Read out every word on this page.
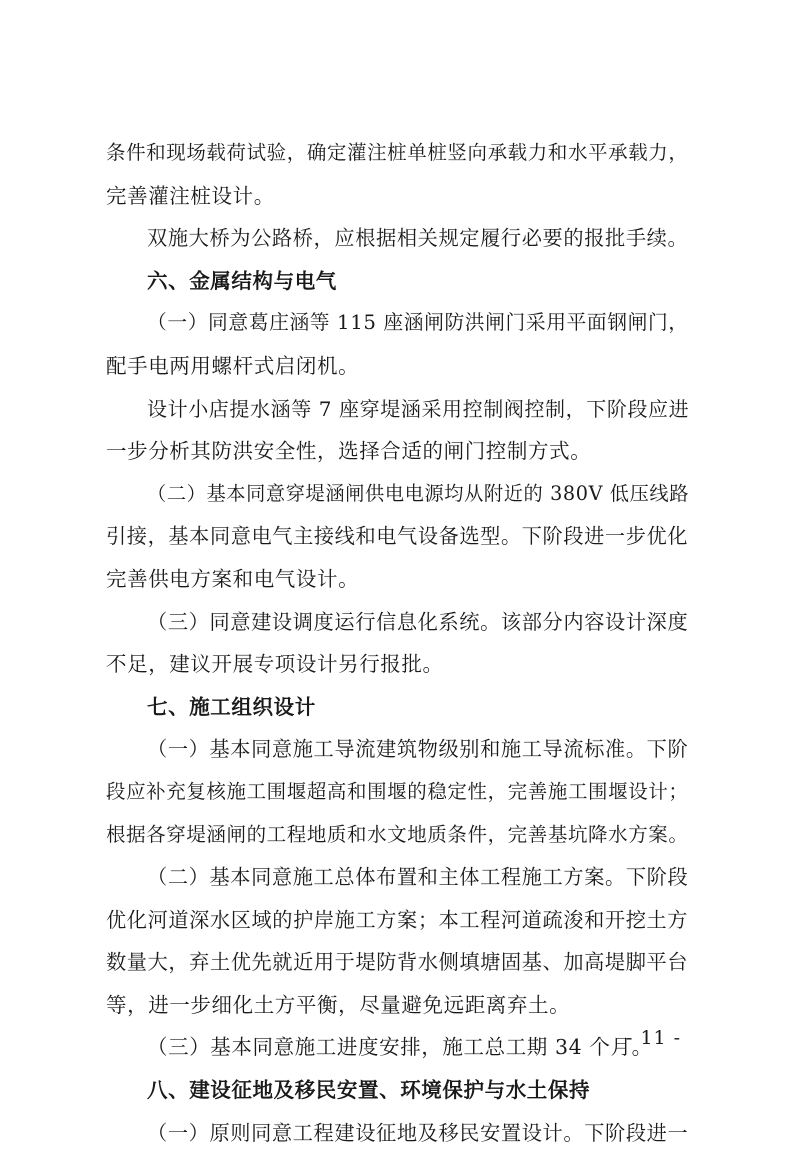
条件和现场载荷试验，确定灌注桩单桩竖向承载力和水平承载力，
完善灌注桩设计。
双施大桥为公路桥，应根据相关规定履行必要的报批手续。
六、金属结构与电气
（一）同意葛庄涵等 115 座涵闸防洪闸门采用平面钢闸门，
配手电两用螺杆式启闭机。
设计小店提水涵等 7 座穿堤涵采用控制阀控制，下阶段应进
一步分析其防洪安全性，选择合适的闸门控制方式。
（二）基本同意穿堤涵闸供电电源均从附近的 380V 低压线路
引接，基本同意电气主接线和电气设备选型。下阶段进一步优化
完善供电方案和电气设计。
（三）同意建设调度运行信息化系统。该部分内容设计深度
不足，建议开展专项设计另行报批。
七、施工组织设计
（一）基本同意施工导流建筑物级别和施工导流标准。下阶
段应补充复核施工围堰超高和围堰的稳定性，完善施工围堰设计；
根据各穿堤涵闸的工程地质和水文地质条件，完善基坑降水方案。
（二）基本同意施工总体布置和主体工程施工方案。下阶段
优化河道深水区域的护岸施工方案；本工程河道疏浚和开挖土方
数量大，弃土优先就近用于堤防背水侧填塘固基、加高堤脚平台
等，进一步细化土方平衡，尽量避免远距离弃土。
（三）基本同意施工进度安排，施工总工期 34 个月。
八、建设征地及移民安置、环境保护与水土保持
（一）原则同意工程建设征地及移民安置设计。下阶段进一
- 11 -
